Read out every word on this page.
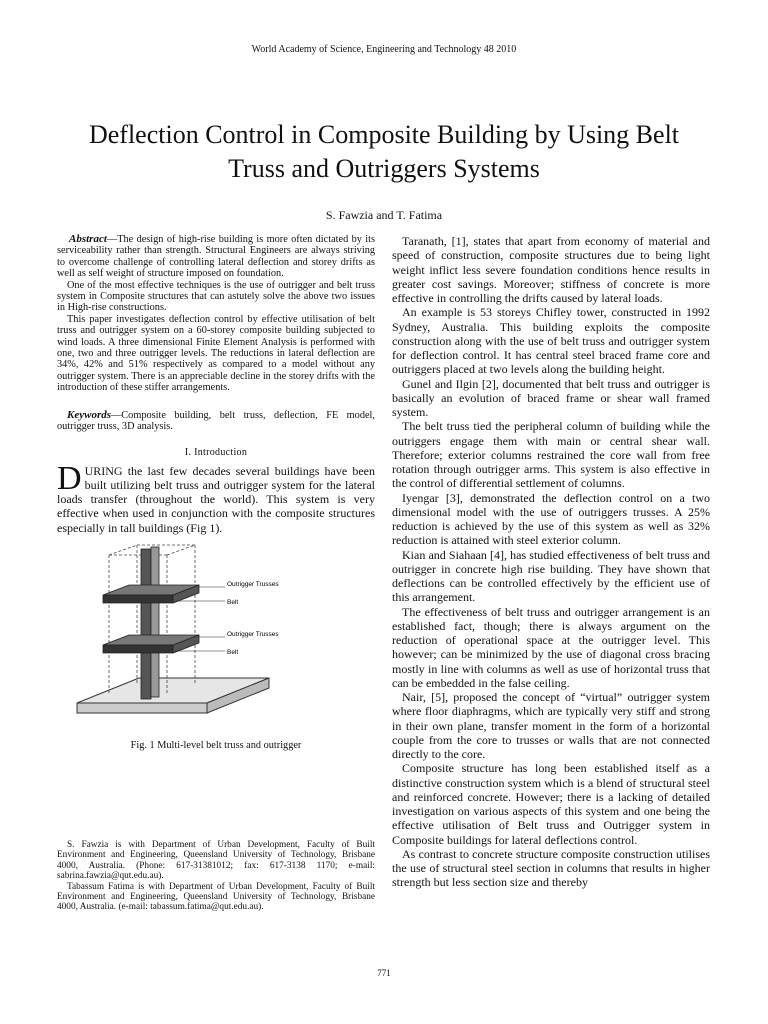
World Academy of Science, Engineering and Technology 48 2010
Deflection Control in Composite Building by Using Belt Truss and Outriggers Systems
S. Fawzia and T. Fatima

Abstract—The design of high-rise building is more often dictated by its serviceability rather than strength. Structural Engineers are always striving to overcome challenge of controlling lateral deflection and storey drifts as well as self weight of structure imposed on foundation.

One of the most effective techniques is the use of outrigger and belt truss system in Composite structures that can astutely solve the above two issues in High-rise constructions.

This paper investigates deflection control by effective utilisation of belt truss and outrigger system on a 60-storey composite building subjected to wind loads. A three dimensional Finite Element Analysis is performed with one, two and three outrigger levels. The reductions in lateral deflection are 34%, 42% and 51% respectively as compared to a model without any outrigger system. There is an appreciable decline in the storey drifts with the introduction of these stiffer arrangements.

Keywords—Composite building, belt truss, deflection, FE model, outrigger truss, 3D analysis.
I. Introduction

DURING the last few decades several buildings have been built utilizing belt truss and outrigger system for the lateral loads transfer (throughout the world). This system is very effective when used in conjunction with the composite structures especially in tall buildings (Fig 1).

Outrigger Trusses
Belt
Outrigger Trusses
Belt
Fig. 1 Multi-level belt truss and outrigger

S. Fawzia is with Department of Urban Development, Faculty of Built Environment and Engineering, Queensland University of Technology, Brisbane 4000, Australia. (Phone: 617-31381012; fax: 617-3138 1170; e-mail: sabrina.fawzia@qut.edu.au).

Tabassum Fatima is with Department of Urban Development, Faculty of Built Environment and Engineering, Queensland University of Technology, Brisbane 4000, Australia. (e-mail: tabassum.fatima@qut.edu.au).

Taranath, [1], states that apart from economy of material and speed of construction, composite structures due to being light weight inflict less severe foundation conditions hence results in greater cost savings. Moreover; stiffness of concrete is more effective in controlling the drifts caused by lateral loads.

An example is 53 storeys Chifley tower, constructed in 1992 Sydney, Australia. This building exploits the composite construction along with the use of belt truss and outrigger system for deflection control. It has central steel braced frame core and outriggers placed at two levels along the building height.

Gunel and Ilgin [2], documented that belt truss and outrigger is basically an evolution of braced frame or shear wall framed system.

The belt truss tied the peripheral column of building while the outriggers engage them with main or central shear wall. Therefore; exterior columns restrained the core wall from free rotation through outrigger arms. This system is also effective in the control of differential settlement of columns.

Iyengar [3], demonstrated the deflection control on a two dimensional model with the use of outriggers trusses. A 25% reduction is achieved by the use of this system as well as 32% reduction is attained with steel exterior column.

Kian and Siahaan [4], has studied effectiveness of belt truss and outrigger in concrete high rise building. They have shown that deflections can be controlled effectively by the efficient use of this arrangement.

The effectiveness of belt truss and outrigger arrangement is an established fact, though; there is always argument on the reduction of operational space at the outrigger level. This however; can be minimized by the use of diagonal cross bracing mostly in line with columns as well as use of horizontal truss that can be embedded in the false ceiling.

Nair, [5], proposed the concept of “virtual” outrigger system where floor diaphragms, which are typically very stiff and strong in their own plane, transfer moment in the form of a horizontal couple from the core to trusses or walls that are not connected directly to the core.

Composite structure has long been established itself as a distinctive construction system which is a blend of structural steel and reinforced concrete. However; there is a lacking of detailed investigation on various aspects of this system and one being the effective utilisation of Belt truss and Outrigger system in Composite buildings for lateral deflections control.

As contrast to concrete structure composite construction utilises the use of structural steel section in columns that results in higher strength but less section size and thereby

771
